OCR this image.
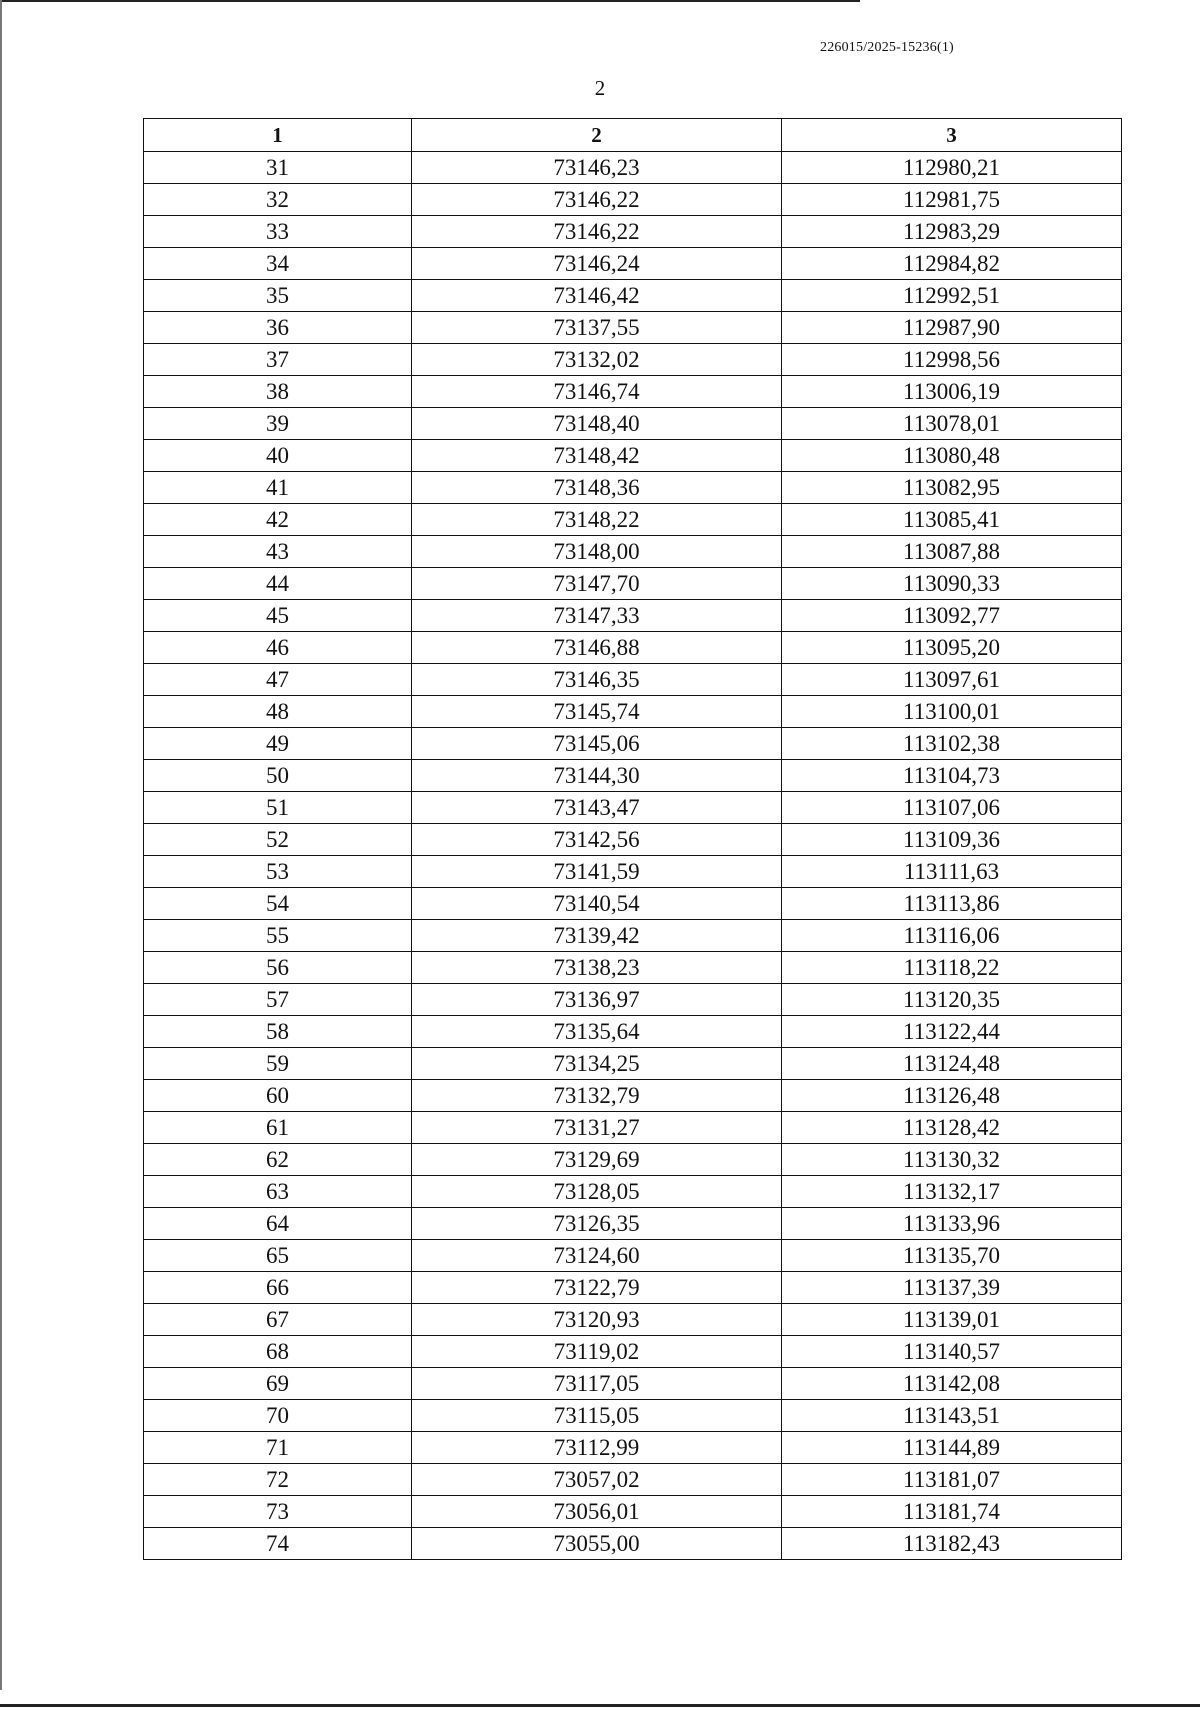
226015/2025-15236(1)
2
1	2	3
31	73146,23	112980,21
32	73146,22	112981,75
33	73146,22	112983,29
34	73146,24	112984,82
35	73146,42	112992,51
36	73137,55	112987,90
37	73132,02	112998,56
38	73146,74	113006,19
39	73148,40	113078,01
40	73148,42	113080,48
41	73148,36	113082,95
42	73148,22	113085,41
43	73148,00	113087,88
44	73147,70	113090,33
45	73147,33	113092,77
46	73146,88	113095,20
47	73146,35	113097,61
48	73145,74	113100,01
49	73145,06	113102,38
50	73144,30	113104,73
51	73143,47	113107,06
52	73142,56	113109,36
53	73141,59	113111,63
54	73140,54	113113,86
55	73139,42	113116,06
56	73138,23	113118,22
57	73136,97	113120,35
58	73135,64	113122,44
59	73134,25	113124,48
60	73132,79	113126,48
61	73131,27	113128,42
62	73129,69	113130,32
63	73128,05	113132,17
64	73126,35	113133,96
65	73124,60	113135,70
66	73122,79	113137,39
67	73120,93	113139,01
68	73119,02	113140,57
69	73117,05	113142,08
70	73115,05	113143,51
71	73112,99	113144,89
72	73057,02	113181,07
73	73056,01	113181,74
74	73055,00	113182,43
